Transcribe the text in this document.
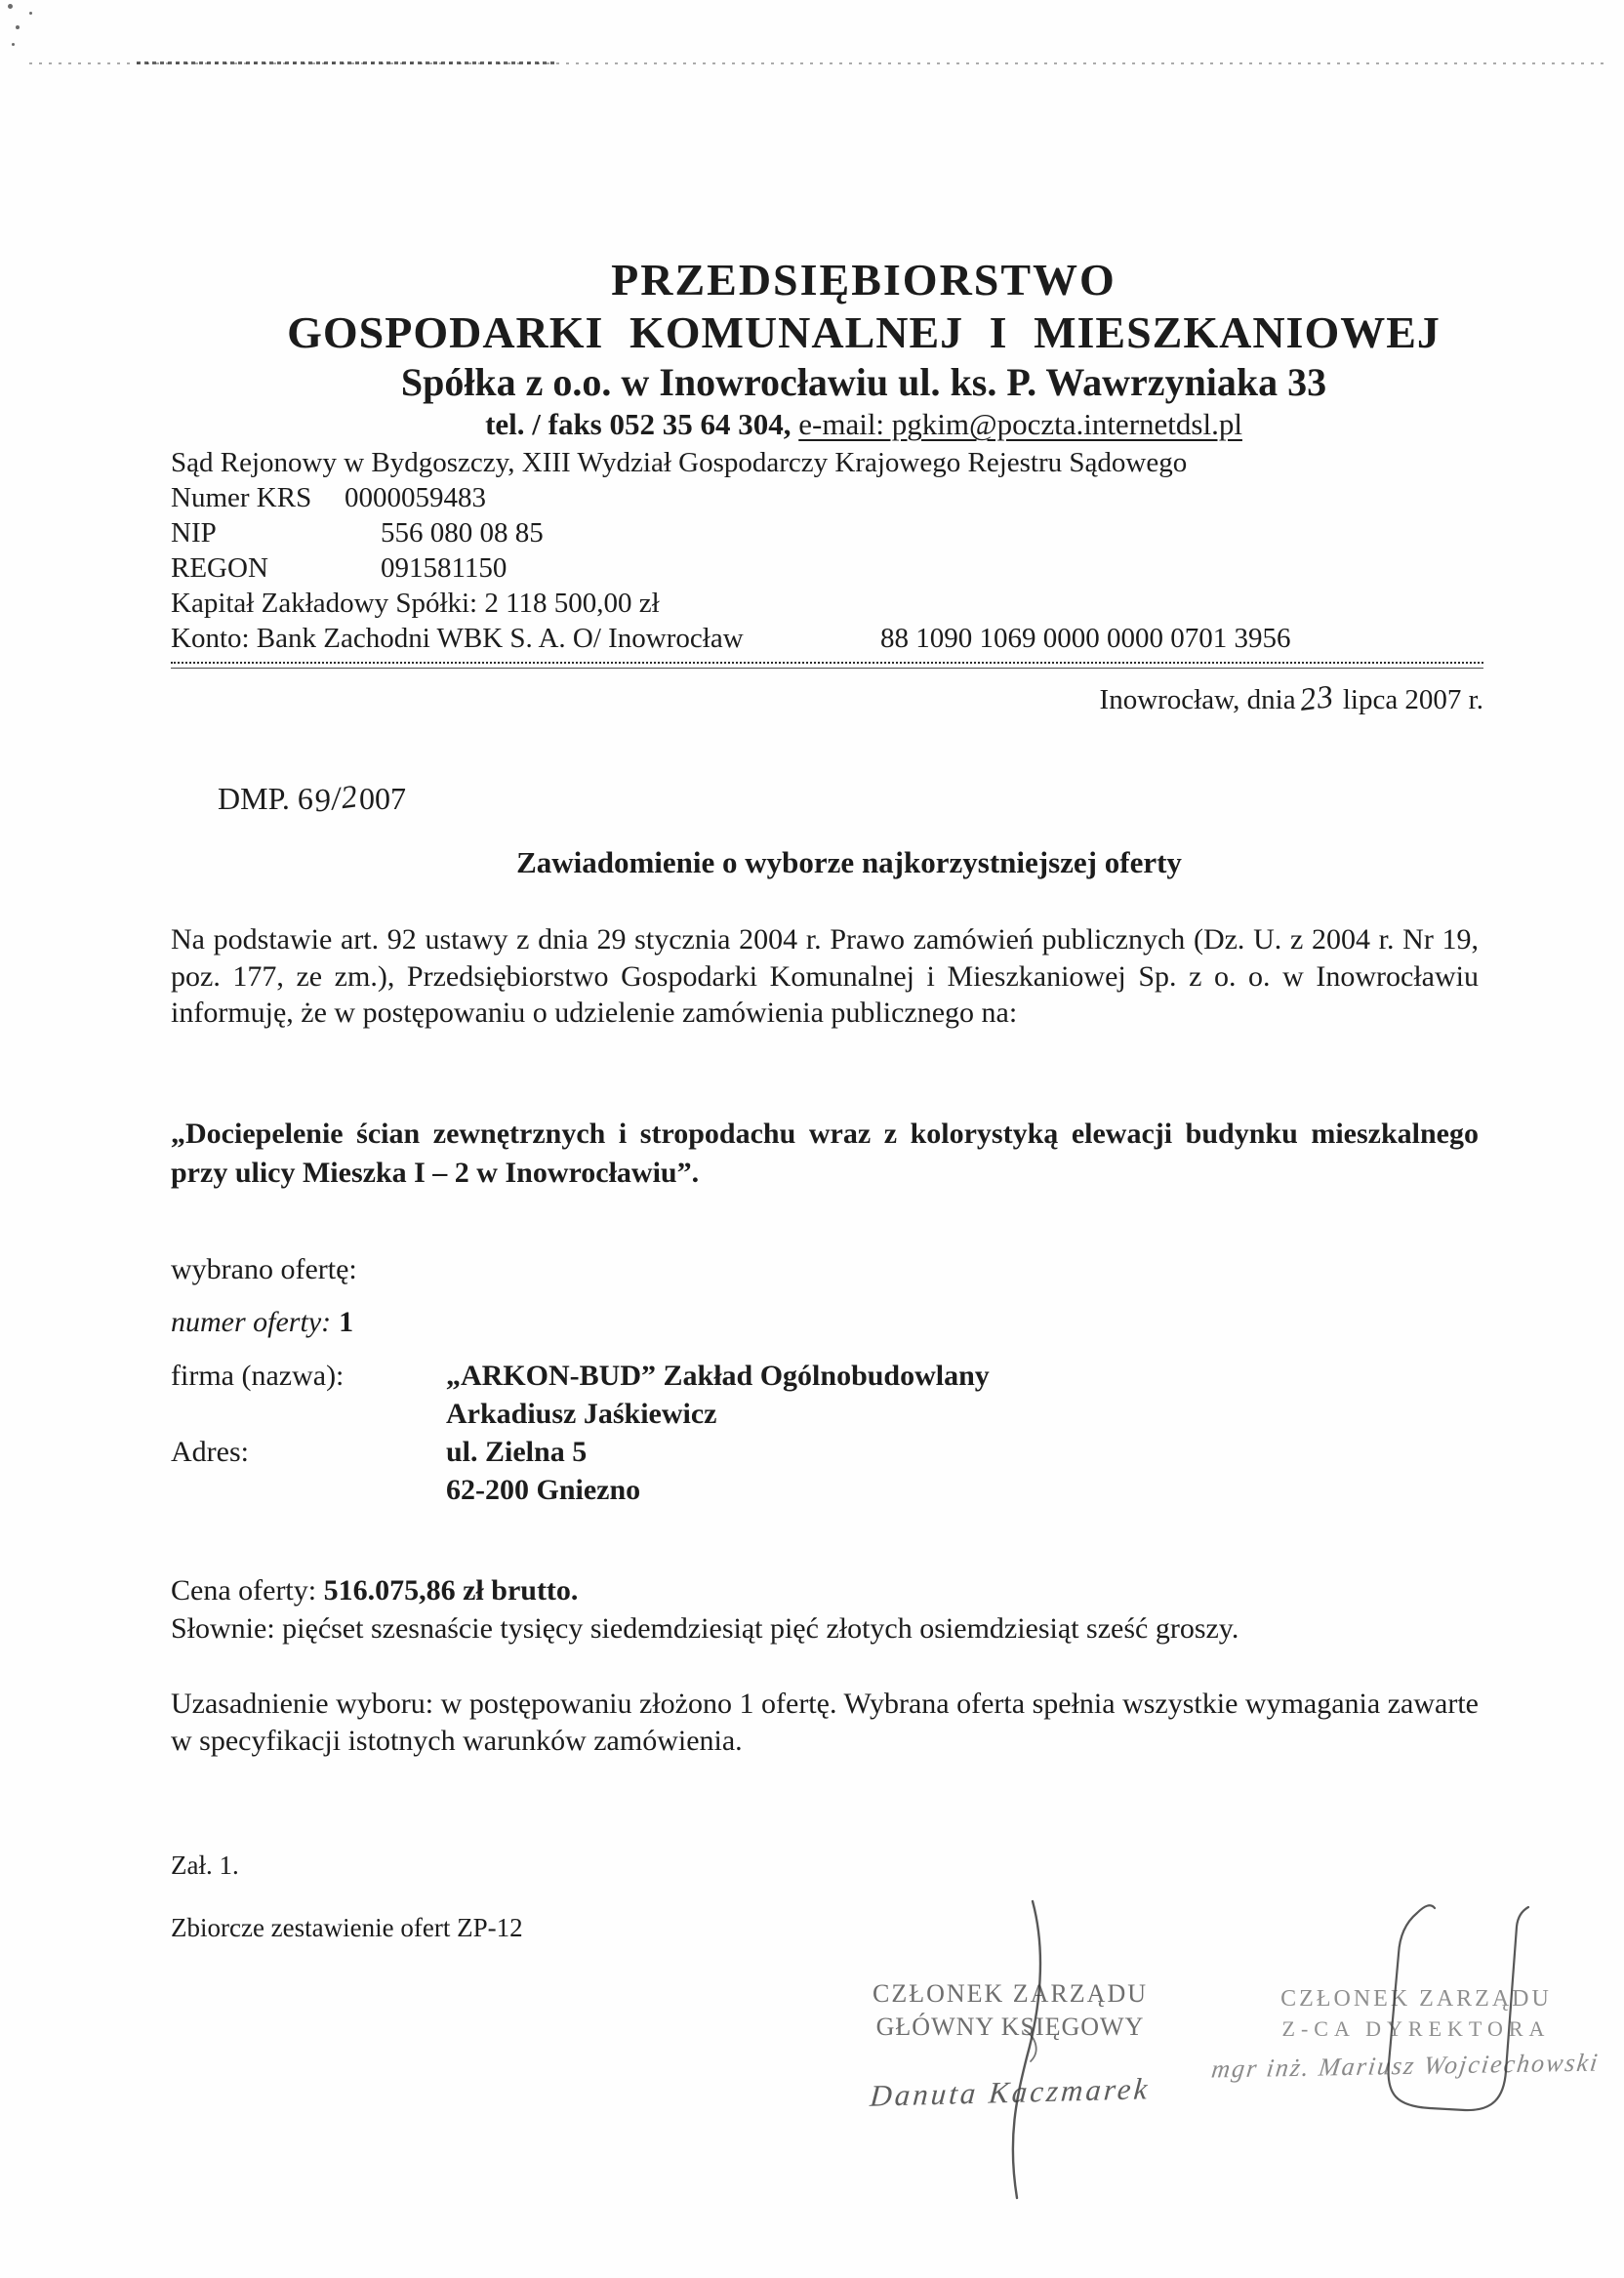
PRZEDSIĘBIORSTWO
GOSPODARKI KOMUNALNEJ I MIESZKANIOWEJ
Spółka z o.o. w Inowrocławiu ul. ks. P. Wawrzyniaka 33
tel. / faks 052 35 64 304, e-mail: pgkim@poczta.internetdsl.pl
Sąd Rejonowy w Bydgoszczy, XIII Wydział Gospodarczy Krajowego Rejestru Sądowego
Numer KRS 0000059483
NIP	556 080 08 85
REGON	091581150
Kapitał Zakładowy Spółki: 2 118 500,00 zł
Konto: Bank Zachodni WBK S. A. O/ Inowrocław	88 1090 1069 0000 0000 0701 3956
Inowrocław, dnia23 lipca 2007 r.
DMP. 69/2007
Zawiadomienie o wyborze najkorzystniejszej oferty
Na podstawie art. 92 ustawy z dnia 29 stycznia 2004 r. Prawo zamówień publicznych (Dz. U. z 2004 r. Nr 19, poz. 177, ze zm.), Przedsiębiorstwo Gospodarki Komunalnej i Mieszkaniowej Sp. z o. o. w Inowrocławiu informuję, że w postępowaniu o udzielenie zamówienia publicznego na:
„Dociepelenie ścian zewnętrznych i stropodachu wraz z kolorystyką elewacji budynku mieszkalnego przy ulicy Mieszka I – 2 w Inowrocławiu”.
wybrano ofertę:
numer oferty: 1
firma (nazwa):	„ARKON-BUD” Zakład Ogólnobudowlany
Arkadiusz Jaśkiewicz
Adres:	ul. Zielna 5
62-200 Gniezno
Cena oferty: 516.075,86 zł brutto.
Słownie: pięćset szesnaście tysięcy siedemdziesiąt pięć złotych osiemdziesiąt sześć groszy.
Uzasadnienie wyboru: w postępowaniu złożono 1 ofertę. Wybrana oferta spełnia wszystkie wymagania zawarte w specyfikacji istotnych warunków zamówienia.
Zał. 1.
Zbiorcze zestawienie ofert ZP-12
CZŁONEK ZARZĄDU
GŁÓWNY KSIĘGOWY
Danuta Kaczmarek
CZŁONEK ZARZĄDU
Z-CA DYREKTORA
mgr inż. Mariusz Wojciechowski
